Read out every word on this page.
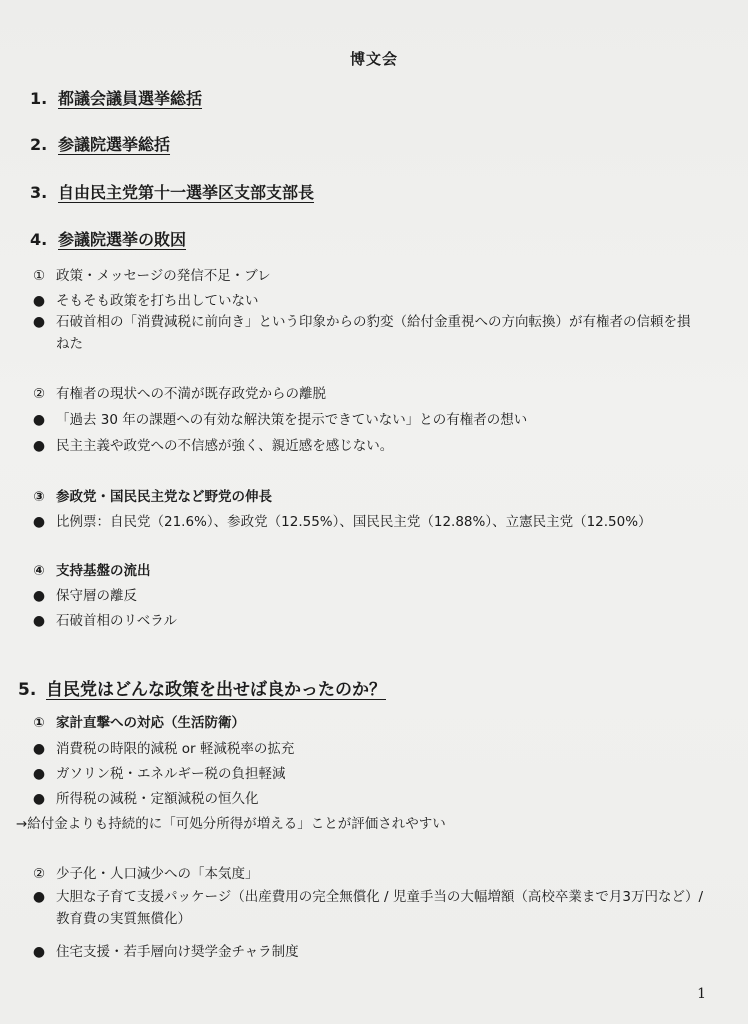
博文会
1. 都議会議員選挙総括
2. 参議院選挙総括
3. 自由民主党第十一選挙区支部支部長
4. 参議院選挙の敗因
① 政策・メッセージの発信不足・ブレ
● そもそも政策を打ち出していない
● 石破首相の「消費減税に前向き」という印象からの豹変（給付金重視への方向転換）が有権者の信頼を損ねた
② 有権者の現状への不満が既存政党からの離脱
● 「過去 30 年の課題への有効な解決策を提示できていない」との有権者の想い
● 民主主義や政党への不信感が強く、親近感を感じない。
③ 参政党・国民民主党など野党の伸長
● 比例票：自民党（21.6%）、参政党（12.55%）、国民民主党（12.88%）、立憲民主党（12.50%）
④ 支持基盤の流出
● 保守層の離反
● 石破首相のリベラル
5. 自民党はどんな政策を出せば良かったのか？
① 家計直撃への対応（生活防衛）
● 消費税の時限的減税 or 軽減税率の拡充
● ガソリン税・エネルギー税の負担軽減
● 所得税の減税・定額減税の恒久化
→給付金よりも持続的に「可処分所得が増える」ことが評価されやすい
② 少子化・人口減少への「本気度」
● 大胆な子育て支援パッケージ（出産費用の完全無償化 / 児童手当の大幅増額（高校卒業まで月3万円など）/ 教育費の実質無償化）
● 住宅支援・若手層向け奨学金チャラ制度
1
